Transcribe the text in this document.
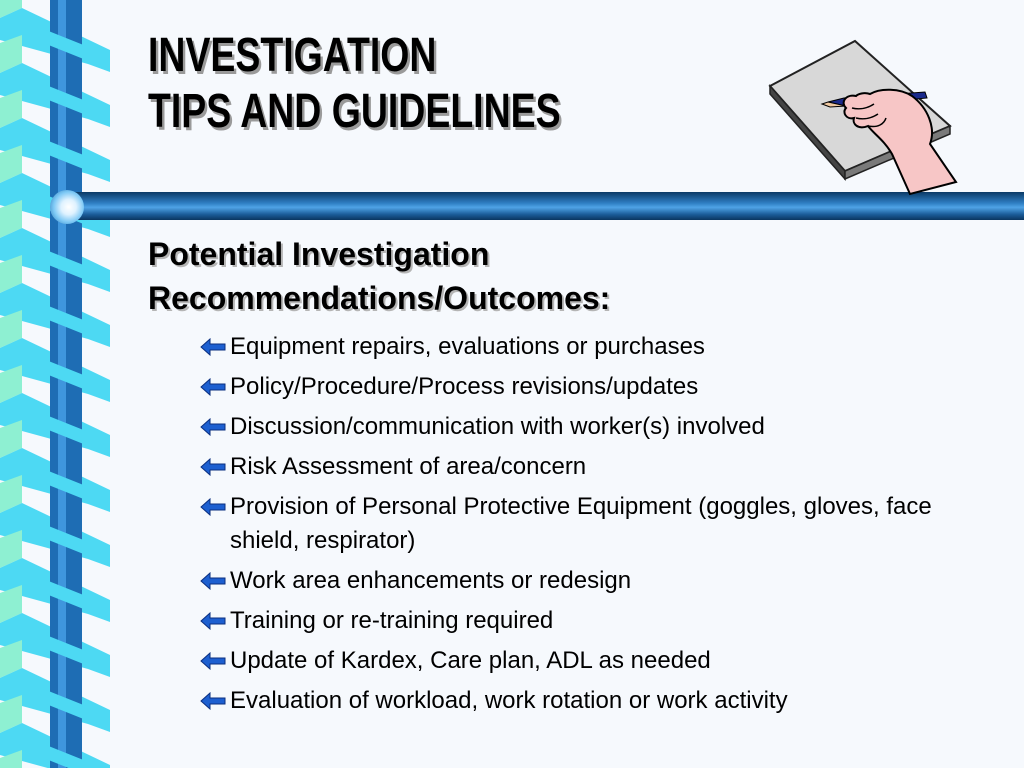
INVESTIGATION
TIPS AND GUIDELINES
Potential Investigation
Recommendations/Outcomes:
Equipment repairs, evaluations or purchases
Policy/Procedure/Process revisions/updates
Discussion/communication with worker(s) involved
Risk Assessment of area/concern
Provision of Personal Protective Equipment (goggles, gloves, face shield, respirator)
Work area enhancements or redesign
Training or re-training required
Update of Kardex, Care plan, ADL as needed
Evaluation of workload, work rotation or work activity
